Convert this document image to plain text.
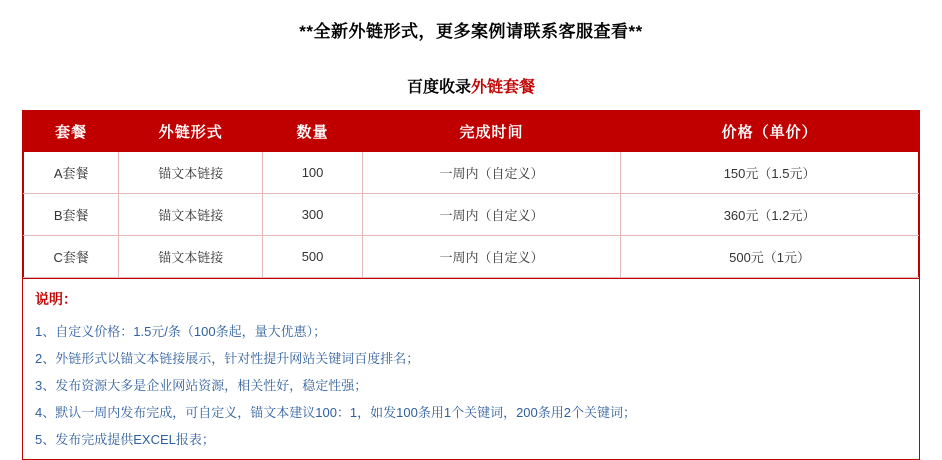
**全新外链形式，更多案例请联系客服查看**
百度收录外链套餐
套餐	外链形式	数量	完成时间	价格（单价）
A套餐	锚文本链接	100	一周内（自定义）	150元（1.5元）
B套餐	锚文本链接	300	一周内（自定义）	360元（1.2元）
C套餐	锚文本链接	500	一周内（自定义）	500元（1元）
说明：
1、自定义价格：1.5元/条（100条起，量大优惠）；
2、外链形式以锚文本链接展示，针对性提升网站关键词百度排名；
3、发布资源大多是企业网站资源，相关性好，稳定性强；
4、默认一周内发布完成，可自定义，锚文本建议100：1，如发100条用1个关键词，200条用2个关键词；
5、发布完成提供EXCEL报表；
